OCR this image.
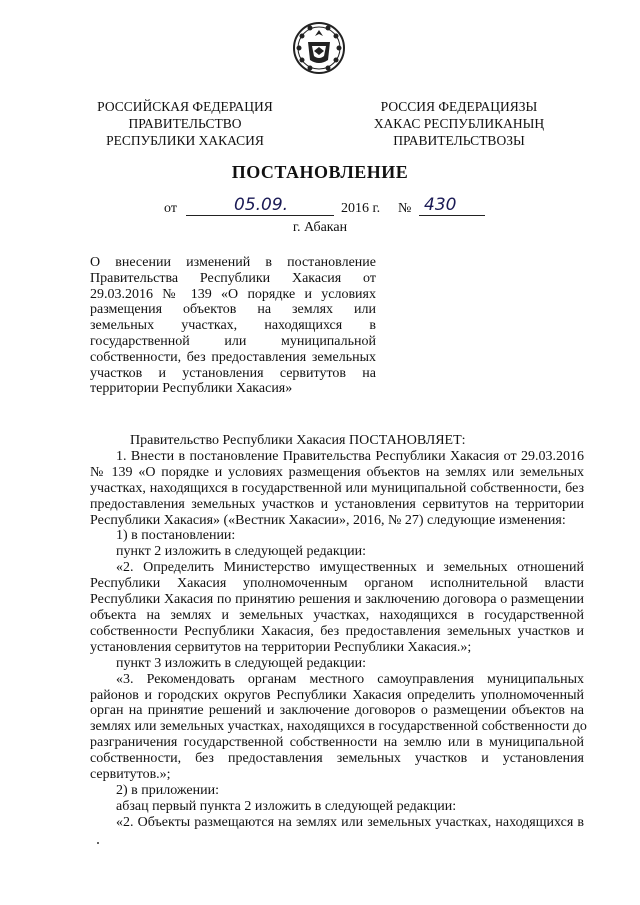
РОССИЙСКАЯ ФЕДЕРАЦИЯ
ПРАВИТЕЛЬСТВО
РЕСПУБЛИКИ ХАКАСИЯ
РОССИЯ ФЕДЕРАЦИЯЗЫ
ХАКАС РЕСПУБЛИКАНЫҢ
ПРАВИТЕЛЬСТВОЗЫ
ПОСТАНОВЛЕНИЕ
от	05.09.	2016 г. № 430
г. Абакан
О внесении изменений в постановление
Правительства Республики Хакасия от
29.03.2016 № 139 «О порядке и условиях
размещения объектов на землях или
земельных участках, находящихся в
государственной или муниципальной
собственности, без предоставления земельных
участков и установления сервитутов на
территории Республики Хакасия»
Правительство Республики Хакасия ПОСТАНОВЛЯЕТ:
1. Внести в постановление Правительства Республики Хакасия от 29.03.2016
№ 139 «О порядке и условиях размещения объектов на землях или земельных
участках, находящихся в государственной или муниципальной собственности, без
предоставления земельных участков и установления сервитутов на территории
Республики Хакасия» («Вестник Хакасии», 2016, № 27) следующие изменения:
1) в постановлении:
пункт 2 изложить в следующей редакции:
«2. Определить Министерство имущественных и земельных отношений
Республики Хакасия уполномоченным органом исполнительной власти
Республики Хакасия по принятию решения и заключению договора о размещении
объекта на землях и земельных участках, находящихся в государственной
собственности Республики Хакасия, без предоставления земельных участков и
установления сервитутов на территории Республики Хакасия.»;
пункт 3 изложить в следующей редакции:
«3. Рекомендовать органам местного самоуправления муниципальных
районов и городских округов Республики Хакасия определить уполномоченный
орган на принятие решений и заключение договоров о размещении объектов на
землях или земельных участках, находящихся в государственной собственности до
разграничения государственной собственности на землю или в муниципальной
собственности, без предоставления земельных участков и установления
сервитутов.»;
2) в приложении:
абзац первый пункта 2 изложить в следующей редакции:
«2. Объекты размещаются на землях или земельных участках, находящихся в
